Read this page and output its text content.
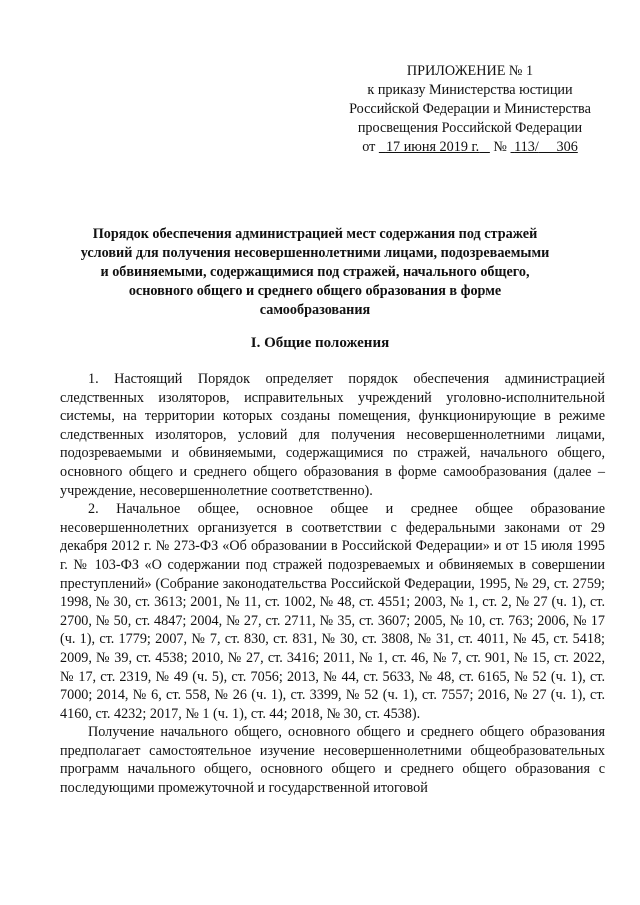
ПРИЛОЖЕНИЕ № 1
к приказу Министерства юстиции
Российской Федерации и Министерства
просвещения Российской Федерации
от 17 июня 2019 г. № 113/ 306
Порядок обеспечения администрацией мест содержания под стражей условий для получения несовершеннолетними лицами, подозреваемыми и обвиняемыми, содержащимися под стражей, начального общего, основного общего и среднего общего образования в форме самообразования
I. Общие положения

1. Настоящий Порядок определяет порядок обеспечения администрацией следственных изоляторов, исправительных учреждений уголовно-исполнительной системы, на территории которых созданы помещения, функционирующие в режиме следственных изоляторов, условий для получения несовершеннолетними лицами, подозреваемыми и обвиняемыми, содержащимися по стражей, начального общего, основного общего и среднего общего образования в форме самообразования (далее – учреждение, несовершеннолетние соответственно).

2. Начальное общее, основное общее и среднее общее образование несовершеннолетних организуется в соответствии с федеральными законами от 29 декабря 2012 г. № 273-ФЗ «Об образовании в Российской Федерации» и от 15 июля 1995 г. № 103-ФЗ «О содержании под стражей подозреваемых и обвиняемых в совершении преступлений» (Собрание законодательства Российской Федерации, 1995, № 29, ст. 2759; 1998, № 30, ст. 3613; 2001, № 11, ст. 1002, № 48, ст. 4551; 2003, № 1, ст. 2, № 27 (ч. 1), ст. 2700, № 50, ст. 4847; 2004, № 27, ст. 2711, № 35, ст. 3607; 2005, № 10, ст. 763; 2006, № 17 (ч. 1), ст. 1779; 2007, № 7, ст. 830, ст. 831, № 30, ст. 3808, № 31, ст. 4011, № 45, ст. 5418; 2009, № 39, ст. 4538; 2010, № 27, ст. 3416; 2011, № 1, ст. 46, № 7, ст. 901, № 15, ст. 2022, № 17, ст. 2319, № 49 (ч. 5), ст. 7056; 2013, № 44, ст. 5633, № 48, ст. 6165, № 52 (ч. 1), ст. 7000; 2014, № 6, ст. 558, № 26 (ч. 1), ст. 3399, № 52 (ч. 1), ст. 7557; 2016, № 27 (ч. 1), ст. 4160, ст. 4232; 2017, № 1 (ч. 1), ст. 44; 2018, № 30, ст. 4538).

Получение начального общего, основного общего и среднего общего образования предполагает самостоятельное изучение несовершеннолетними общеобразовательных программ начального общего, основного общего и среднего общего образования с последующими промежуточной и государственной итоговой
